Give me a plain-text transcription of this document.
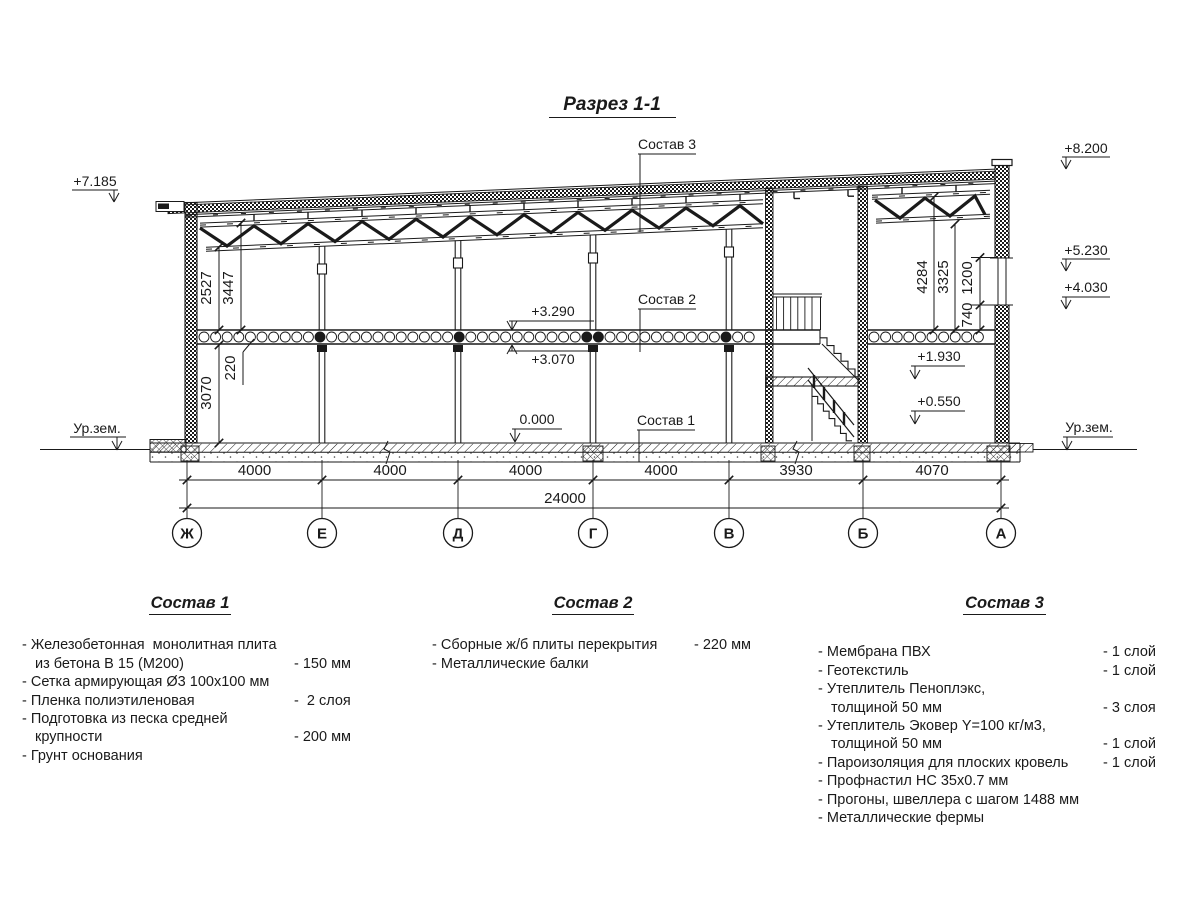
Разрез 1-1
2527 3447
220
3070
4284 3325 1200
740
24000
Ж	Е	Д	Г	В	Б	А
4000	4000	4000	4000	3930	4070
+7.185
Ур.зем.
+8.200
+5.230
+4.030
Ур.зем.
+3.290
+3.070
0.000
+1.930
+0.550
Состав 3
Состав 2
Состав 1
Состав 1
- Железобетонная  монолитная плита
из бетона В 15 (М200)	- 150 мм
- Сетка армирующая Ø3 100х100 мм
- Пленка полиэтиленовая	-  2 слоя
- Подготовка из песка средней
крупности	- 200 мм
- Грунт основания
Состав 2
- Сборные ж/б плиты перекрытия	- 220 мм
- Металлические балки
Состав 3
- Мембрана ПВХ	- 1 слой
- Геотекстиль	- 1 слой
- Утеплитель Пеноплэкс,
толщиной 50 мм	- 3 слоя
- Утеплитель Эковер Y=100 кг/м3,
толщиной 50 мм	- 1 слой
- Пароизоляция для плоских кровель - 1 слой
- Профнастил НС 35х0.7 мм
- Прогоны, швеллера с шагом 1488 мм
- Металлические фермы
